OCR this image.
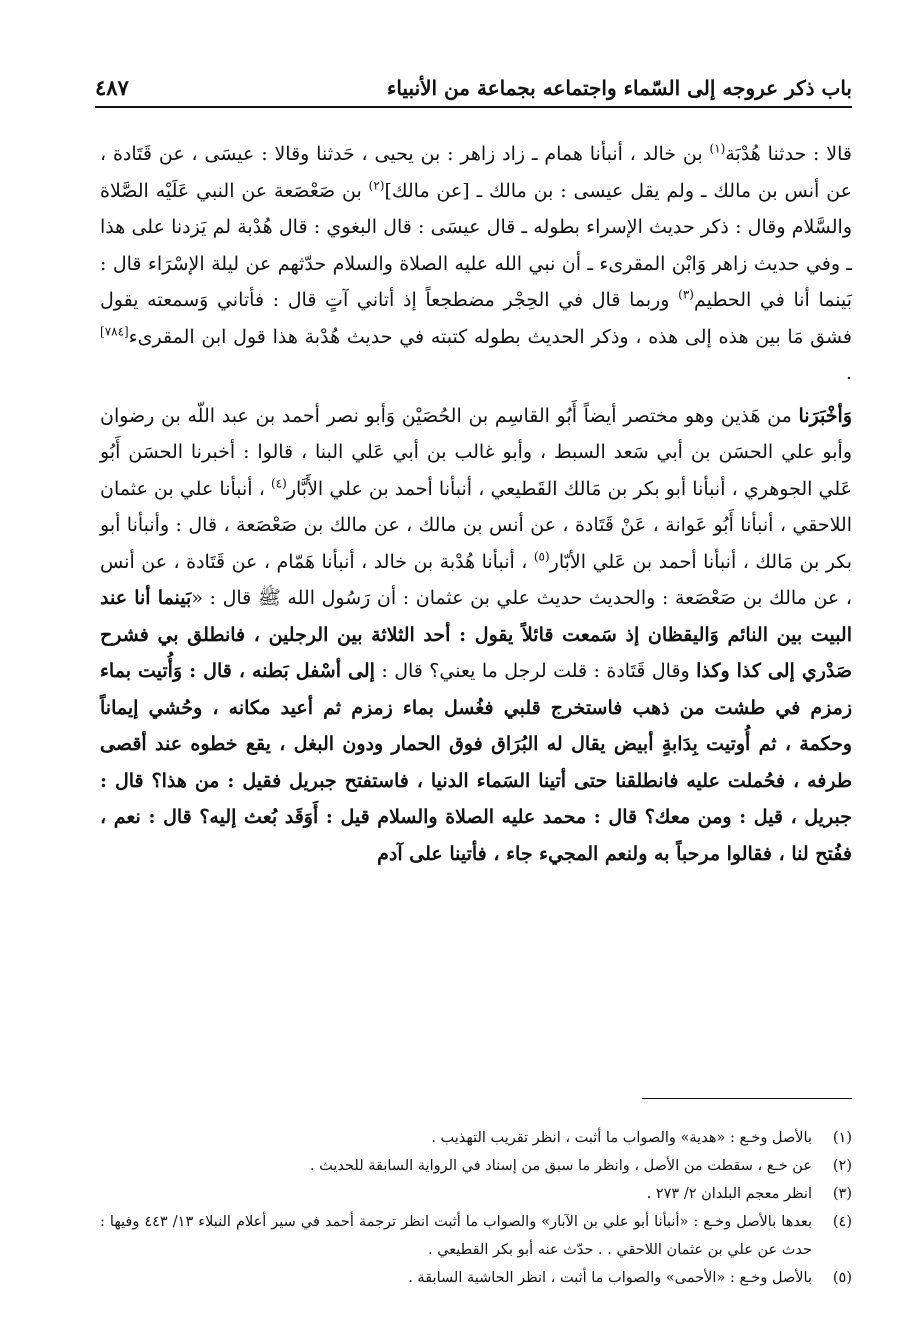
باب ذكر عروجه إلى السّماء واجتماعه بجماعة من الأنبياء
٤٨٧

قالا : حدثنا هُدْبَة$^{(١)}$ بن خالد ، أنبأنا همام ـ زاد زاهر : بن يحيى ، حَدثنا وقالا : عيسَى ، عن قَتَادة ، عن أنس بن مالك ـ ولم يقل عيسى : بن مالك ـ [عن مالك]$^{(٢)}$ بن صَعْصَعة عن النبي عَلَيْه الصَّلاة والسَّلام وقال : ذكر حديث الإسراء بطوله ـ قال عيسَى : قال البغوي : قال هُدْبة لم يَزدنا على هذا ـ وفي حديث زاهر وَابْن المقرىء ـ أن نبي الله عليه الصلاة والسلام حدّثهم عن ليلة الإسْرَاء قال : بَينما أنا في الحطيم$^{(٣)}$ وربما قال في الحِجْر مضطجعاً إذ أتاني آتٍ قال : فأتاني وَسمعته يقول فشق مَا بين هذه إلى هذه ، وذكر الحديث بطوله كتبته في حديث هُدْبة هذا قول ابن المقرىء[٧٨٤] .

وَأخْبَرَنا من هَذين وهو مختصر أيضاً أَبُو القاسِم بن الحُصَيْن وَأبو نصر أحمد بن عبد اللّه بن رضوان وأبو علي الحسَن بن أبي سَعد السبط ، وأبو غالب بن أبي عَلي البنا ، قالوا : أخبرنا الحسَن أَبُو عَلي الجوهري ، أنبأنا أبو بكر بن مَالك القَطيعي ، أنبأنا أحمد بن علي الأَبَّار$^{(٤)}$ ، أنبأنا علي بن عثمان اللاحقي ، أنبأنا أَبُو عَوانة ، عَنْ قَتَادة ، عن أنس بن مالك ، عن مالك بن صَعْصَعة ، قال : وأنبأنا أبو بكر بن مَالك ، أنبأنا أحمد بن عَلي الأبّار$^{(٥)}$ ، أنبأنا هُدْبة بن خالد ، أنبأنا هَمّام ، عن قَتَادة ، عن أنس ، عن مالك بن صَعْصَعة : والحديث حديث علي بن عثمان : أن رَسُول الله ﷺ قال : «بَينما أنا عند البيت بين النائم وَاليقظان إذ سَمعت قائلاً يقول : أحد الثلاثة بين الرجلين ، فانطلق بي فشرح صَدْري إلى كذا وكذا وقال قَتَادة : قلت لرجل ما يعني؟ قال : إلى أسْفل بَطنه ، قال : وَأُتيت بماء زمزم في طشت من ذهب فاستخرج قلبي فغُسل بماء زمزم ثم أعيد مكانه ، وحُشي إيماناً وحكمة ، ثم أُوتيت بِدَابةٍ أبيض يقال له البُرَاق فوق الحمار ودون البغل ، يقع خطوه عند أقصى طرفه ، فحُملت عليه فانطلقنا حتى أتينا السَماء الدنيا ، فاستفتح جبريل فقيل : من هذا؟ قال : جبريل ، قيل : ومن معك؟ قال : محمد عليه الصلاة والسلام قيل : أَوَقَد بُعث إليه؟ قال : نعم ، ففُتح لنا ، فقالوا مرحباً به ولنعم المجيء جاء ، فأتينا على آدم

(١)
بالأصل وخـع : «هدية» والصواب ما أثبت ، انظر تقريب التهذيب .
(٢)
عن خـع ، سقطت من الأصل ، وانظر ما سبق من إسناد في الرواية السابقة للحديث .
(٣)
انظر معجم البلدان ٢/ ٢٧٣ .
(٤)
بعدها بالأصل وخـع : «أنبأنا أبو علي بن الآبار» والصواب ما أثبت انظر ترجمة أحمد في سير أعلام النبلاء ١٣/ ٤٤٣ وفيها : حدث عن علي بن عثمان اللاحقي . . حدّث عنه أبو بكر القطيعي .
(٥)
بالأصل وخـع : «الأحمى» والصواب ما أثبت ، انظر الحاشية السابقة .
